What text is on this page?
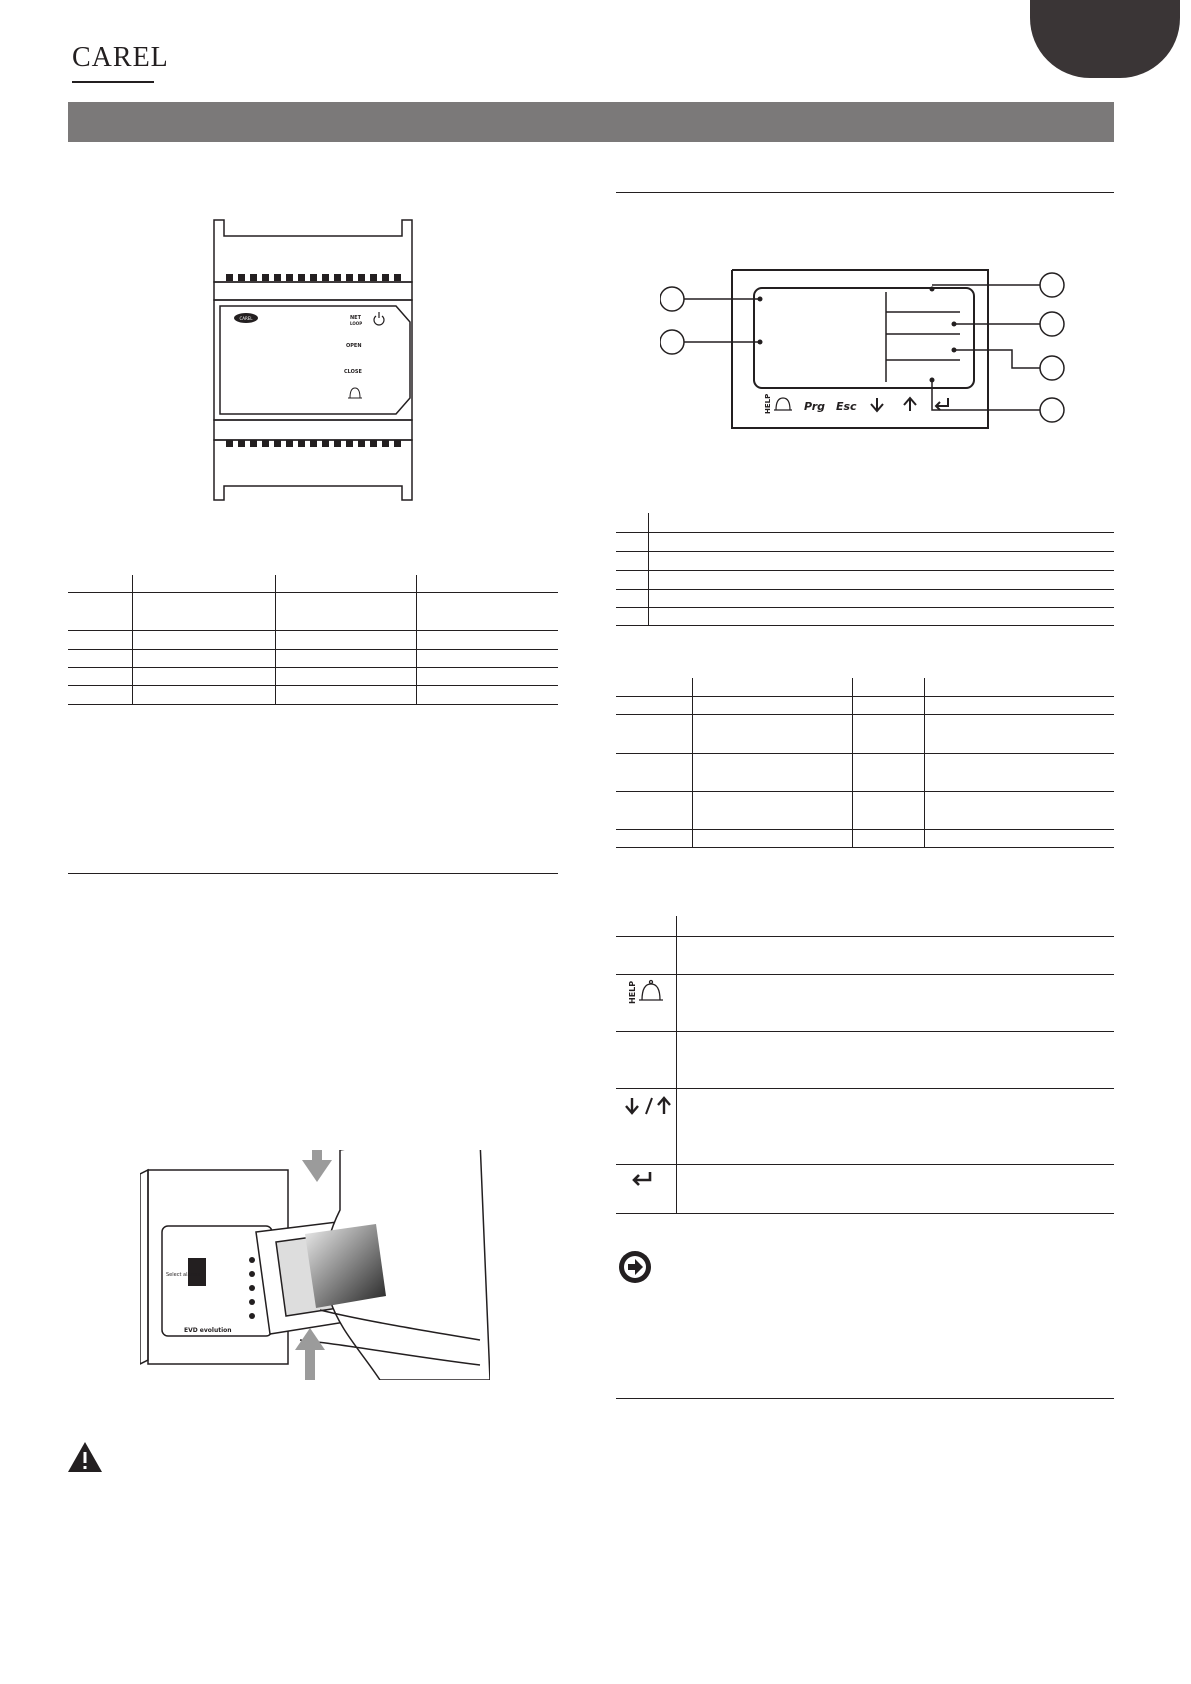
CAREL
CAREL	NET
LOOP
OPEN
CLOSE
Select alarms
EVD evolution
HELP	Prg Esc
HELP
